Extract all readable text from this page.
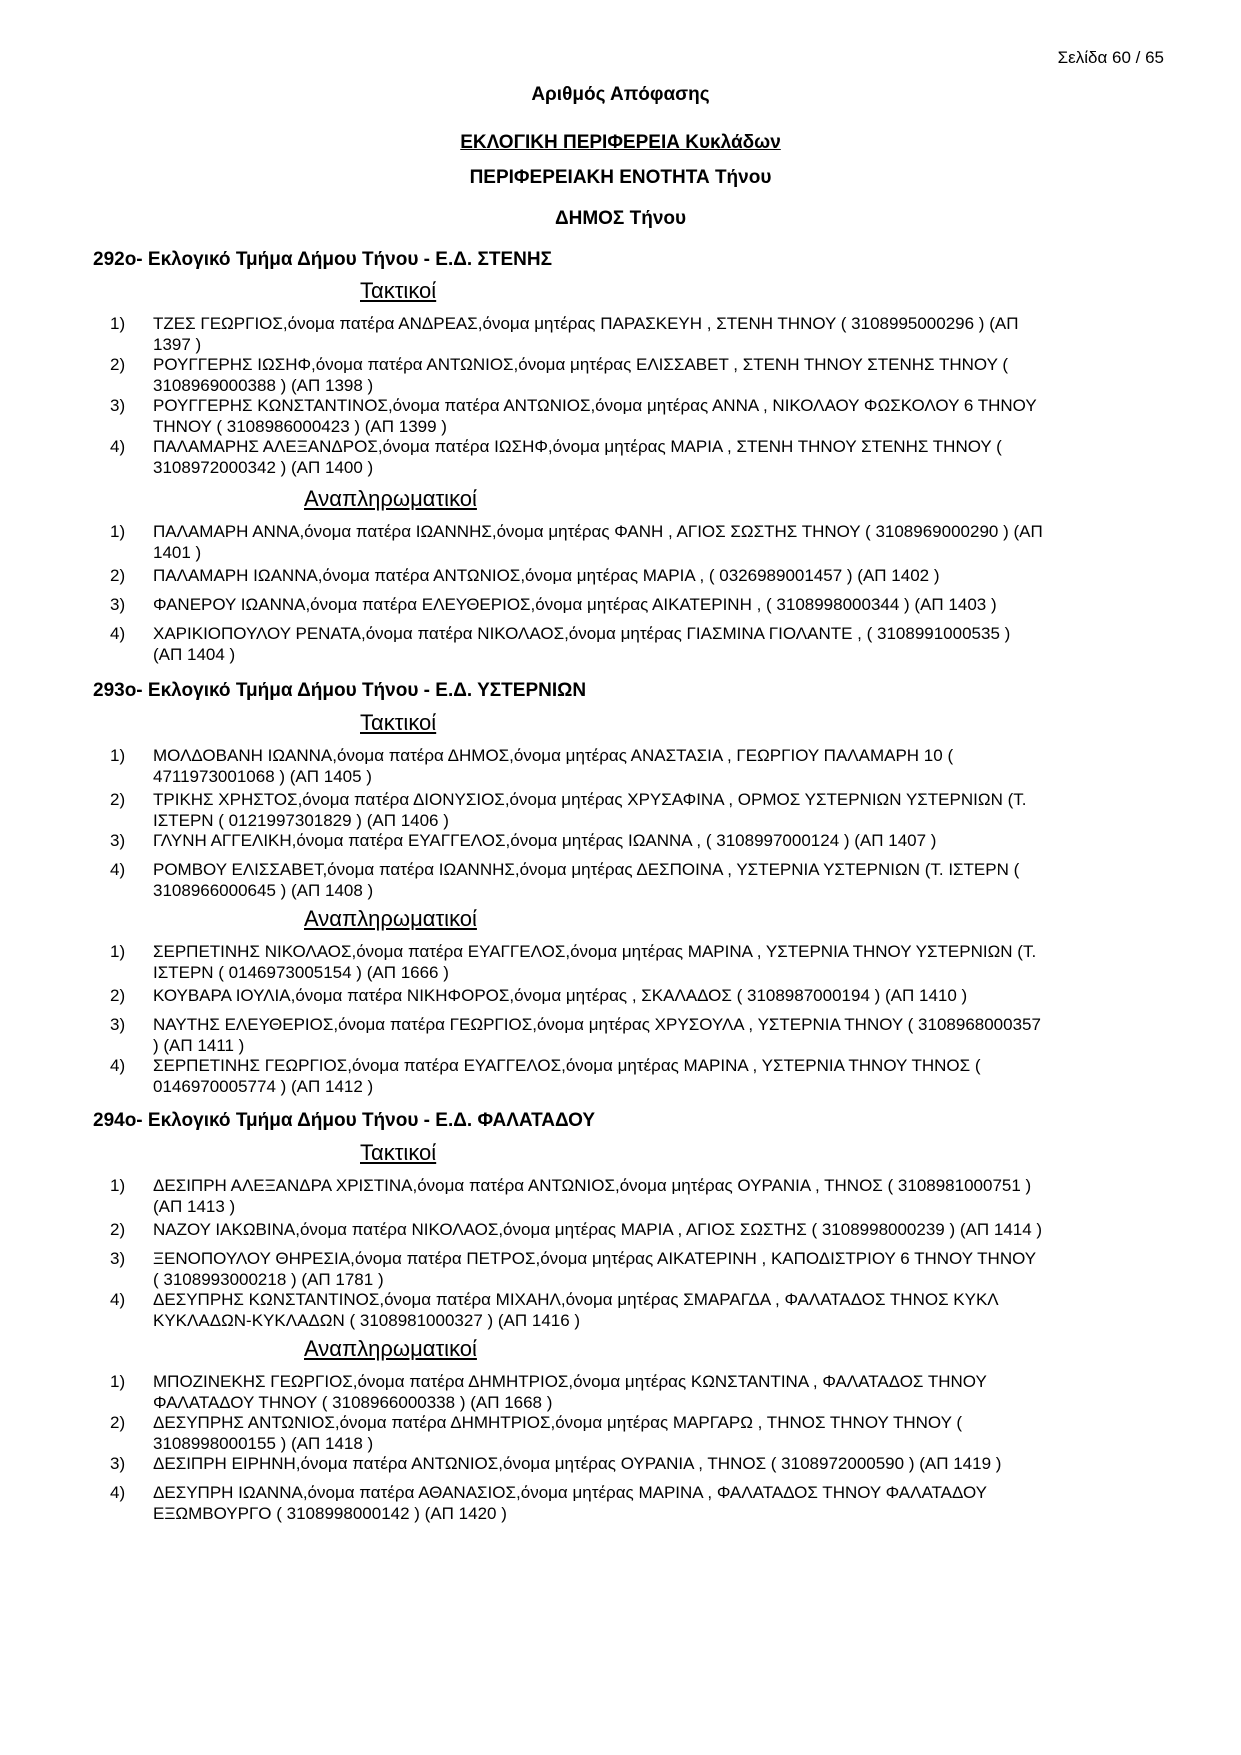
Σελίδα 60 / 65
Αριθμός Απόφασης
ΕΚΛΟΓΙΚΗ ΠΕΡΙΦΕΡΕΙΑ Κυκλάδων
ΠΕΡΙΦΕΡΕΙΑΚΗ ΕΝΟΤΗΤΑ Τήνου
ΔΗΜΟΣ Τήνου
292ο- Εκλογικό Τμήμα Δήμου Τήνου - Ε.Δ. ΣΤΕΝΗΣ
Τακτικοί
1) ΤΖΕΣ ΓΕΩΡΓΙΟΣ,όνομα πατέρα ΑΝΔΡΕΑΣ,όνομα μητέρας ΠΑΡΑΣΚΕΥΗ , ΣΤΕΝΗ ΤΗΝΟΥ ( 3108995000296 ) (ΑΠ
1397 )
2) ΡΟΥΓΓΕΡΗΣ ΙΩΣΗΦ,όνομα πατέρα ΑΝΤΩΝΙΟΣ,όνομα μητέρας ΕΛΙΣΣΑΒΕΤ , ΣΤΕΝΗ ΤΗΝΟΥ ΣΤΕΝΗΣ ΤΗΝΟΥ (
3108969000388 ) (ΑΠ 1398 )
3) ΡΟΥΓΓΕΡΗΣ ΚΩΝΣΤΑΝΤΙΝΟΣ,όνομα πατέρα ΑΝΤΩΝΙΟΣ,όνομα μητέρας ΑΝΝΑ , ΝΙΚΟΛΑΟΥ ΦΩΣΚΟΛΟΥ 6 ΤΗΝΟΥ
ΤΗΝΟΥ ( 3108986000423 ) (ΑΠ 1399 )
4) ΠΑΛΑΜΑΡΗΣ ΑΛΕΞΑΝΔΡΟΣ,όνομα πατέρα ΙΩΣΗΦ,όνομα μητέρας ΜΑΡΙΑ , ΣΤΕΝΗ ΤΗΝΟΥ ΣΤΕΝΗΣ ΤΗΝΟΥ (
3108972000342 ) (ΑΠ 1400 )
Αναπληρωματικοί
1) ΠΑΛΑΜΑΡΗ ΑΝΝΑ,όνομα πατέρα ΙΩΑΝΝΗΣ,όνομα μητέρας ΦΑΝΗ , ΑΓΙΟΣ ΣΩΣΤΗΣ ΤΗΝΟΥ ( 3108969000290 ) (ΑΠ
1401 )
2) ΠΑΛΑΜΑΡΗ ΙΩΑΝΝΑ,όνομα πατέρα ΑΝΤΩΝΙΟΣ,όνομα μητέρας ΜΑΡΙΑ , ( 0326989001457 ) (ΑΠ 1402 )
3) ΦΑΝΕΡΟΥ ΙΩΑΝΝΑ,όνομα πατέρα ΕΛΕΥΘΕΡΙΟΣ,όνομα μητέρας ΑΙΚΑΤΕΡΙΝΗ , ( 3108998000344 ) (ΑΠ 1403 )
4) ΧΑΡΙΚΙΟΠΟΥΛΟΥ ΡΕΝΑΤΑ,όνομα πατέρα ΝΙΚΟΛΑΟΣ,όνομα μητέρας ΓΙΑΣΜΙΝΑ ΓΙΟΛΑΝΤΕ , ( 3108991000535 )
(ΑΠ 1404 )
293ο- Εκλογικό Τμήμα Δήμου Τήνου - Ε.Δ. ΥΣΤΕΡΝΙΩΝ
Τακτικοί
1) ΜΟΛΔΟΒΑΝΗ ΙΩΑΝΝΑ,όνομα πατέρα ΔΗΜΟΣ,όνομα μητέρας ΑΝΑΣΤΑΣΙΑ , ΓΕΩΡΓΙΟΥ ΠΑΛΑΜΑΡΗ 10 (
4711973001068 ) (ΑΠ 1405 )
2) ΤΡΙΚΗΣ ΧΡΗΣΤΟΣ,όνομα πατέρα ΔΙΟΝΥΣΙΟΣ,όνομα μητέρας ΧΡΥΣΑΦΙΝΑ , ΟΡΜΟΣ ΥΣΤΕΡΝΙΩΝ ΥΣΤΕΡΝΙΩΝ (Τ.
ΙΣΤΕΡΝ ( 0121997301829 ) (ΑΠ 1406 )
3) ΓΛΥΝΗ ΑΓΓΕΛΙΚΗ,όνομα πατέρα ΕΥΑΓΓΕΛΟΣ,όνομα μητέρας ΙΩΑΝΝΑ , ( 3108997000124 ) (ΑΠ 1407 )
4) ΡΟΜΒΟΥ ΕΛΙΣΣΑΒΕΤ,όνομα πατέρα ΙΩΑΝΝΗΣ,όνομα μητέρας ΔΕΣΠΟΙΝΑ , ΥΣΤΕΡΝΙΑ ΥΣΤΕΡΝΙΩΝ (Τ. ΙΣΤΕΡΝ (
3108966000645 ) (ΑΠ 1408 )
Αναπληρωματικοί
1) ΣΕΡΠΕΤΙΝΗΣ ΝΙΚΟΛΑΟΣ,όνομα πατέρα ΕΥΑΓΓΕΛΟΣ,όνομα μητέρας ΜΑΡΙΝΑ , ΥΣΤΕΡΝΙΑ ΤΗΝΟΥ ΥΣΤΕΡΝΙΩΝ (Τ.
ΙΣΤΕΡΝ ( 0146973005154 ) (ΑΠ 1666 )
2) ΚΟΥΒΑΡΑ ΙΟΥΛΙΑ,όνομα πατέρα ΝΙΚΗΦΟΡΟΣ,όνομα μητέρας , ΣΚΑΛΑΔΟΣ ( 3108987000194 ) (ΑΠ 1410 )
3) ΝΑΥΤΗΣ ΕΛΕΥΘΕΡΙΟΣ,όνομα πατέρα ΓΕΩΡΓΙΟΣ,όνομα μητέρας ΧΡΥΣΟΥΛΑ , ΥΣΤΕΡΝΙΑ ΤΗΝΟΥ ( 3108968000357
) (ΑΠ 1411 )
4) ΣΕΡΠΕΤΙΝΗΣ ΓΕΩΡΓΙΟΣ,όνομα πατέρα ΕΥΑΓΓΕΛΟΣ,όνομα μητέρας ΜΑΡΙΝΑ , ΥΣΤΕΡΝΙΑ ΤΗΝΟΥ ΤΗΝΟΣ (
0146970005774 ) (ΑΠ 1412 )
294ο- Εκλογικό Τμήμα Δήμου Τήνου - Ε.Δ. ΦΑΛΑΤΑΔΟΥ
Τακτικοί
1) ΔΕΣΙΠΡΗ ΑΛΕΞΑΝΔΡΑ ΧΡΙΣΤΙΝΑ,όνομα πατέρα ΑΝΤΩΝΙΟΣ,όνομα μητέρας ΟΥΡΑΝΙΑ , ΤΗΝΟΣ ( 3108981000751 )
(ΑΠ 1413 )
2) ΝΑΖΟΥ ΙΑΚΩΒΙΝΑ,όνομα πατέρα ΝΙΚΟΛΑΟΣ,όνομα μητέρας ΜΑΡΙΑ , ΑΓΙΟΣ ΣΩΣΤΗΣ ( 3108998000239 ) (ΑΠ 1414 )
3) ΞΕΝΟΠΟΥΛΟΥ ΘΗΡΕΣΙΑ,όνομα πατέρα ΠΕΤΡΟΣ,όνομα μητέρας ΑΙΚΑΤΕΡΙΝΗ , ΚΑΠΟΔΙΣΤΡΙΟΥ 6 ΤΗΝΟΥ ΤΗΝΟΥ
( 3108993000218 ) (ΑΠ 1781 )
4) ΔΕΣΥΠΡΗΣ ΚΩΝΣΤΑΝΤΙΝΟΣ,όνομα πατέρα ΜΙΧΑΗΛ,όνομα μητέρας ΣΜΑΡΑΓΔΑ , ΦΑΛΑΤΑΔΟΣ ΤΗΝΟΣ ΚΥΚΛ
ΚΥΚΛΑΔΩΝ-ΚΥΚΛΑΔΩΝ ( 3108981000327 ) (ΑΠ 1416 )
Αναπληρωματικοί
1) ΜΠΟΖΙΝΕΚΗΣ ΓΕΩΡΓΙΟΣ,όνομα πατέρα ΔΗΜΗΤΡΙΟΣ,όνομα μητέρας ΚΩΝΣΤΑΝΤΙΝΑ , ΦΑΛΑΤΑΔΟΣ ΤΗΝΟΥ
ΦΑΛΑΤΑΔΟΥ ΤΗΝΟΥ ( 3108966000338 ) (ΑΠ 1668 )
2) ΔΕΣΥΠΡΗΣ ΑΝΤΩΝΙΟΣ,όνομα πατέρα ΔΗΜΗΤΡΙΟΣ,όνομα μητέρας ΜΑΡΓΑΡΩ , ΤΗΝΟΣ ΤΗΝΟΥ ΤΗΝΟΥ (
3108998000155 ) (ΑΠ 1418 )
3) ΔΕΣΙΠΡΗ ΕΙΡΗΝΗ,όνομα πατέρα ΑΝΤΩΝΙΟΣ,όνομα μητέρας ΟΥΡΑΝΙΑ , ΤΗΝΟΣ ( 3108972000590 ) (ΑΠ 1419 )
4) ΔΕΣΥΠΡΗ ΙΩΑΝΝΑ,όνομα πατέρα ΑΘΑΝΑΣΙΟΣ,όνομα μητέρας ΜΑΡΙΝΑ , ΦΑΛΑΤΑΔΟΣ ΤΗΝΟΥ ΦΑΛΑΤΑΔΟΥ
ΕΞΩΜΒΟΥΡΓΟ ( 3108998000142 ) (ΑΠ 1420 )
